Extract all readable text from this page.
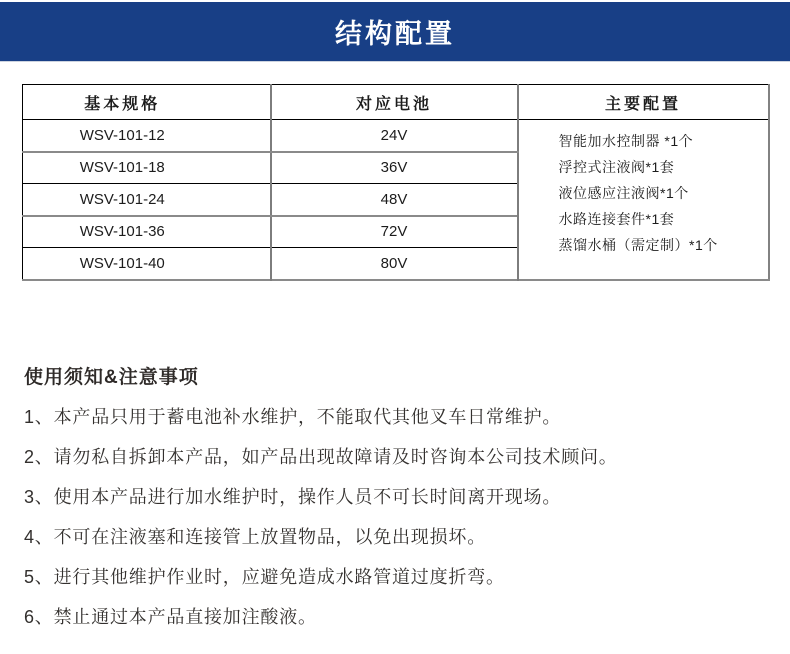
结构配置
基本规格	对应电池	主要配置
WSV-101-12	24V	智能加水控制器 *1个
浮控式注液阀*1套
液位感应注液阀*1个
水路连接套件*1套
蒸馏水桶（需定制）*1个

WSV-101-18	36V	
WSV-101-24	48V	
WSV-101-36	72V	
WSV-101-40	80V	
使用须知&注意事项
1、本产品只用于蓄电池补水维护，不能取代其他叉车日常维护。
2、请勿私自拆卸本产品，如产品出现故障请及时咨询本公司技术顾问。
3、使用本产品进行加水维护时，操作人员不可长时间离开现场。
4、不可在注液塞和连接管上放置物品，以免出现损坏。
5、进行其他维护作业时，应避免造成水路管道过度折弯。
6、禁止通过本产品直接加注酸液。
